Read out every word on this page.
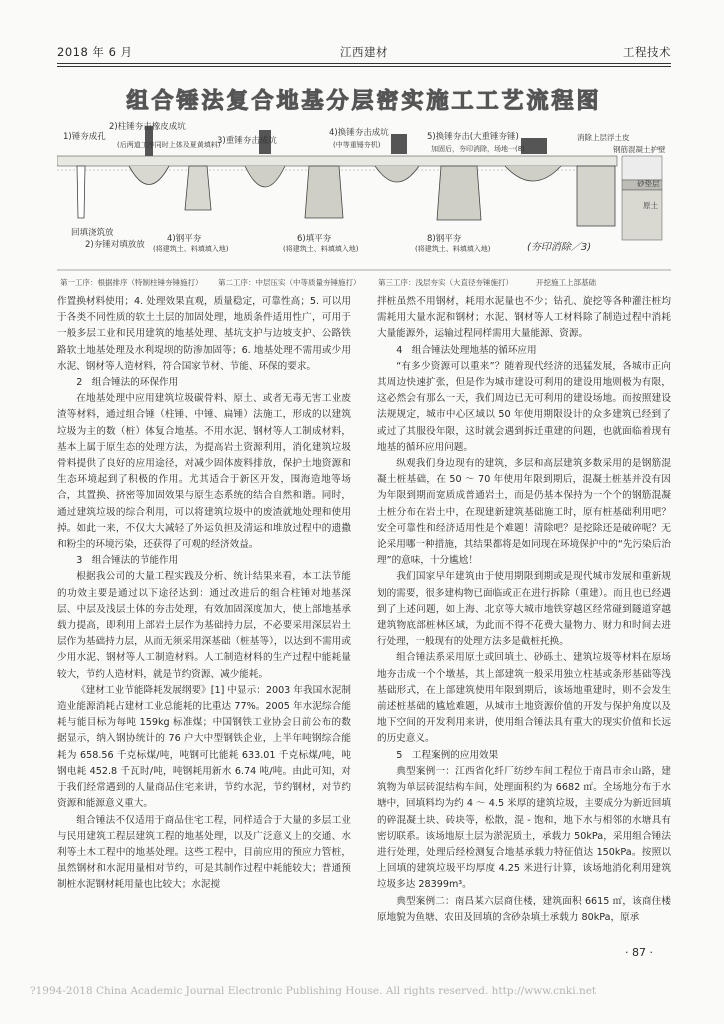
2018 年 6 月	江西建材	工程技术
组合锤法复合地基分层密实施工工艺流程图
1)锤夯成孔
2)柱锤夯击橡皮成坑
(后两道工序同时上体及夏黄填料)
3)重锤夯击成坑
4)换锤夯击成坑
(中等重锤夯机)
5)换锤夯击(大重锤夯锤)
加固后，夯印消除，场地一(8)
消除上层浮土皮
钢筋混凝土护壁
砂垫层
原土
回填浇筑放
2)夯锤对填放放
4)钢平夯
(将建筑土、料填填入地)
6)填平夯
(将建筑土、料填填入地)
8)钢平夯
(将建筑土、料填填入地)	(夯印消除／3)
第一工序：根据排序（特制柱锤夯锤施打） 第二工序：中层压实（中等质量夯锤施打） 第三工序：浅层夯实（大直径夯锤施打）	开挖施工上部基础

作置换材料使用；4. 处理效果直观，质量稳定，可靠性高；5. 可以用于各类不同性质的软土土层的加固处理，地质条件适用性广，可用于一般多层工业和民用建筑的地基处理、基坑支护与边坡支护、公路铁路软土地基处理及水利堤坝的防渗加固等；6. 地基处理不需用或少用水泥、钢材等人造材料，符合国家节材、节能、环保的要求。

2　组合锤法的环保作用

在地基处理中应用建筑垃圾碳骨料、原土、或者无毒无害工业废渣等材料，通过组合锤（柱锤、中锤、扁锤）法施工，形成的以建筑垃圾为主的数（桩）体复合地基。不用水泥、钢材等人工制成材料，基本上属于原生态的处理方法，为提高岩土资源利用，消化建筑垃圾骨料提供了良好的应用途径，对减少固体废料排放，保护土地资源和生态环境起到了积极的作用。尤其适合于新区开发，围海造地等场合，其置换、挤密等加固效果与原生态系统的结合自然和谐。同时，通过建筑垃圾的综合利用，可以将建筑垃圾中的废渣就地处理和使用掉。如此一来，不仅大大减轻了外运负担及清运和堆放过程中的遗撒和粉尘的环境污染，还获得了可观的经济效益。

3　组合锤法的节能作用

根据我公司的大量工程实践及分析、统计结果来看，本工法节能的功效主要是通过以下途径达到：通过改进后的组合柱锤对地基深层、中层及浅层土体的夯击处理，有效加固深度加大，使上部地基承载力提高，即利用上部岩土层作为基础持力层，不必要采用深层岩土层作为基础持力层，从而无须采用深基础（桩基等），以达到不需用或少用水泥、钢材等人工制造材料。人工制造材料的生产过程中能耗量较大，节约人造材料，就是节约资源、减少能耗。

《建材工业节能降耗发展纲要》[1] 中显示：2003 年我国水泥制造业能源消耗占建材工业总能耗的比重达 77%。2005 年水泥综合能耗与能目标为每吨 159kg 标准煤；中国钢铁工业协会日前公布的数据显示，纳入钢协统计的 76 户大中型钢铁企业，上半年吨钢综合能耗为 658.56 千克标煤/吨，吨钢可比能耗 633.01 千克标煤/吨，吨钢电耗 452.8 千瓦时/吨，吨钢耗用新水 6.74 吨/吨。由此可知，对于我们经常遇到的人量商品住宅来讲，节约水泥，节约钢材，对节约资源和能源意义重大。

组合锤法不仅适用于商品住宅工程，同样适合于大量的多层工业与民用建筑工程层建筑工程的地基处理，以及广泛意义上的交通、水利等土木工程中的地基处理。这些工程中，目前应用的预应力管桩，虽然钢材和水泥用量相对节约，可是其制作过程中耗能较大；普通预制桩水泥钢材耗用量也比较大；水泥搅

拌桩虽然不用钢材，耗用水泥量也不少；钻孔、旋挖等各种灌注桩均需耗用大量水泥和钢材；水泥、钢材等人工材料除了制造过程中消耗大量能源外，运输过程同样需用大量能源、资源。

4　组合锤法处理地基的循环应用

“有多少资源可以重来”？随着现代经济的迅猛发展，各城市正向其周边快速扩张，但是作为城市建设可利用的建设用地则极为有限，这必然会有那么一天，我们周边已无可利用的建设场地。而按照建设法规规定，城市中心区域以 50 年使用期限设计的众多建筑已经到了或过了其服役年限，这时就会遇到拆迁重建的问题，也就面临着现有地基的循环应用问题。

纵观我们身边现有的建筑，多层和高层建筑多数采用的是钢筋混凝土桩基础，在 50 ～ 70 年使用年限到期后，混凝土桩基并没有因为年限到期而宽质成普通岩土，而是仍基本保持为一个个的钢筋混凝土桩分布在岩土中，在现建新建筑基础施工时，原有桩基础利用吧？安全可靠性和经济适用性是个难题！清除吧？是挖除还是破碎呢？无论采用哪一种措施，其结果都将是如同现在环境保护中的“先污染后治理”的意味，十分尴尬！

我们国家早年建筑由于使用期限到期或是现代城市发展和重新规划的需要，很多建构物已面临或正在进行拆除（重建）。而且也已经遇到了上述问题，如上海、北京等大城市地铁穿越区经常碰到隧道穿越建筑物底部桩林区域，为此而不得不花费大量物力、财力和时间去进行处理，一般现有的处理方法多是截桩托换。

组合锤法系采用原土或回填土、砂砾土、建筑垃圾等材料在原场地夯击成一个个墩基，其上部建筑一般采用独立柱基或条形基础等浅基础形式，在上部建筑使用年限到期后，该场地重建时，则不会发生前述桩基础的尴尬难题，从城市土地资源价值的开发与保护角度以及地下空间的开发利用来讲，使用组合锤法具有重大的现实价值和长远的历史意义。

5　工程案例的应用效果

典型案例一：江西省化纤厂纺纱车间工程位于南昌市余山路，建筑物为单层砖混结构车间，处理面积约为 6682 ㎡。全场地分布于水塘中，回填料均为约 4 ～ 4.5 米厚的建筑垃圾，主要成分为新近回填的碎混凝土块、砖块等，松散，混 - 饱和，地下水与相邻的水塘具有密切联系。该场地原土层为淤泥质土，承载力 50kPa，采用组合锤法进行处理，处理后经检测复合地基承载力特征值达 150kPa。按照以上回填的建筑垃圾平均厚度 4.25 米进行计算，该场地消化利用建筑垃圾多达 28399m³。

典型案例二：南昌某六层商住楼，建筑面积 6615 ㎡，该商住楼原地貌为鱼塘、农田及回填的含砂杂填土承载力 80kPa，原承

· 87 ·
?1994-2018 China Academic Journal Electronic Publishing House. All rights reserved. http://www.cnki.net
